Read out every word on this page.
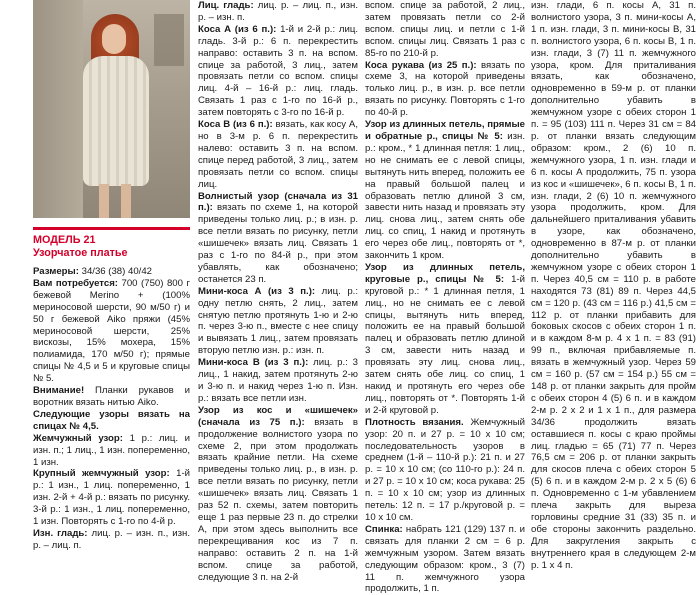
МОДЕЛЬ 21
Узорчатое платье

Размеры: 34/36 (38) 40/42

Вам потребуется: 700 (750) 800 г бежевой Merino + (100% мериносовой шерсти, 90 м/50 г) и 50 г бежевой Aiko пряжи (45% мериносовой шерсти, 25% вискозы, 15% мохера, 15% полиамида, 170 м/50 г); прямые спицы № 4,5 и 5 и круговые спицы № 5.

Внимание! Планки рукавов и воротник вязать нитью Aiko.

Следующие узоры вязать на спицах № 4,5.

Жемчужный узор: 1 р.: лиц. и изн. п.; 1 лиц., 1 изн. попеременно, 1 изн.

Крупный жемчужный узор: 1-й р.: 1 изн., 1 лиц. попеременно, 1 изн. 2-й + 4-й р.: вязать по рисунку. 3-й р.: 1 изн., 1 лиц. попеременно, 1 изн. Повторять с 1-го по 4-й р.

Изн. гладь: лиц. р. – изн. п., изн. р. – лиц. п.

Лиц. гладь: лиц. р. – лиц. п., изн. р. – изн. п.

Коса А (из 6 п.): 1-й и 2-й р.: лиц. гладь. 3-й р.: 6 п. перекрестить направо: оставить 3 п. на вспом. спице за работой, 3 лиц., затем провязать петли со вспом. спицы лиц. 4-й – 16-й р.: лиц. гладь. Связать 1 раз с 1-го по 16-й р., затем повторять с 3-го по 16-й р.

Коса В (из 6 п.): вязать, как косу А, но в 3-м р. 6 п. перекрестить налево: оставить 3 п. на вспом. спице перед работой, 3 лиц., затем провязать петли со вспом. спицы лиц.

Волнистый узор (сначала из 31 п.): вязать по схеме 1, на которой приведены только лиц. р.; в изн. р. все петли вязать по рисунку, петли «шишечек» вязать лиц. Связать 1 раз с 1-го по 84-й р., при этом убавлять, как обозначено; останется 23 п.

Мини-коса А (из 3 п.): лиц. р.: одну петлю снять, 2 лиц., затем снятую петлю протянуть 1-ю и 2-ю п. через 3-ю п., вместе с нее спицу и вывязать 1 лиц., затем провязать вторую петлю изн. р.: изн. п.

Мини-коса В (из 3 п.): лиц. р.: 3 лиц., 1 накид, затем протянуть 2-ю и 3-ю п. и накид через 1-ю п. Изн. р.: вязать все петли изн.

Узор из кос и «шишечек» (сначала из 75 п.): вязать в продолжение волнистого узора по схеме 2, при этом продолжать вязать крайние петли. На схеме приведены только лиц. р., в изн. р. все петли вязать по рисунку, петли «шишечек» вязать лиц. Связать 1 раз 52 п. схемы, затем повторить еще 1 раз первые 23 п. до стрелки А, при этом здесь выполнить все перекрещивания кос из 7 п. направо: оставить 2 п. на 1-й вспом. спице за работой, следующие 3 п. на 2-й

вспом. спице за работой, 2 лиц., затем провязать петли со 2-й вспом. спицы лиц. и петли с 1-й вспом. спицы лиц. Связать 1 раз с 85-го по 210-й р.

Коса рукава (из 25 п.): вязать по схеме 3, на которой приведены только лиц. р., в изн. р. все петли вязать по рисунку. Повторять с 1-го по 40-й р.

Узор из длинных петель, прямые и обратные р., спицы № 5: изн. р.: кром., * 1 длинная петля: 1 лиц., но не снимать ее с левой спицы, вытянуть нить вперед, положить ее на правый большой палец и образовать петлю длиной 3 см, завести нить назад и провязать эту лиц. снова лиц., затем снять обе лиц. со спиц, 1 накид и протянуть его через обе лиц., повторять от *, закончить 1 кром.

Узор из длинных петель, круговые р., спицы № 5: 1-й круговой р.: * 1 длинная петля, 1 лиц., но не снимать ее с левой спицы, вытянуть нить вперед, положить ее на правый большой палец и образовать петлю длиной 3 см, завести нить назад и провязать эту лиц. снова лиц., затем снять обе лиц. со спиц, 1 накид и протянуть его через обе лиц., повторять от *. Повторять 1-й и 2-й круговой р.

Плотность вязания. Жемчужный узор: 20 п. и 27 р. = 10 х 10 см; последовательность узоров в среднем (1-й – 110-й р.): 21 п. и 27 р. = 10 х 10 см; (со 110-го р.): 24 п. и 27 р. = 10 х 10 см; коса рукава: 25 п. = 10 х 10 см; узор из длинных петель: 12 п. = 17 р./круговой р. = 10 х 10 см.

Спинка: набрать 121 (129) 137 п. и связать для планки 2 см = 6 р. жемчужным узором. Затем вязать следующим образом: кром., 3 (7) 11 п. жемчужного узора продолжить, 1 п.

изн. глади, 6 п. косы А, 31 п. волнистого узора, 3 п. мини-косы А, 1 п. изн. глади, 3 п. мини-косы В, 31 п. волнистого узора, 6 п. косы В, 1 п. изн. глади, 3 (7) 11 п. жемчужного узора, кром. Для приталивания вязать, как обозначено, одновременно в 59-м р. от планки дополнительно убавить в жемчужном узоре с обеих сторон 1 п. = 95 (103) 111 п. Через 31 см = 84 р. от планки вязать следующим образом: кром., 2 (6) 10 п. жемчужного узора, 1 п. изн. глади и 6 п. косы А продолжить, 75 п. узора из кос и «шишечек», 6 п. косы В, 1 п. изн. глади, 2 (6) 10 п. жемчужного узора продолжить, кром. Для дальнейшего приталивания убавить в узоре, как обозначено, одновременно в 87-м р. от планки дополнительно убавить в жемчужном узоре с обеих сторон 1 п. Через 40,5 см = 110 р. в работе находятся 73 (81) 89 п. Через 44,5 см = 120 р. (43 см = 116 р.) 41,5 см = 112 р. от планки прибавить для боковых скосов с обеих сторон 1 п. и в каждом 8-м р. 4 х 1 п. = 83 (91) 99 п., включая прибавляемые п. вязать в жемчужный узор. Через 59 см = 160 р. (57 см = 154 р.) 55 см = 148 р. от планки закрыть для пройм с обеих сторон 4 (5) 6 п. и в каждом 2-м р. 2 х 2 и 1 х 1 п., для размера 34/36 продолжить вязать оставшиеся п. косы с краю проймы лиц. гладью = 65 (71) 77 п. Через 76,5 см = 206 р. от планки закрыть для скосов плеча с обеих сторон 5 (5) 6 п. и в каждом 2-м р. 2 х 5 (6) 6 п. Одновременно с 1-м убавлением плеча закрыть для выреза горловины средние 31 (33) 35 п. и обе стороны закончить раздельно. Для закругления закрыть с внутреннего края в следующем 2-м р. 1 х 4 п.
